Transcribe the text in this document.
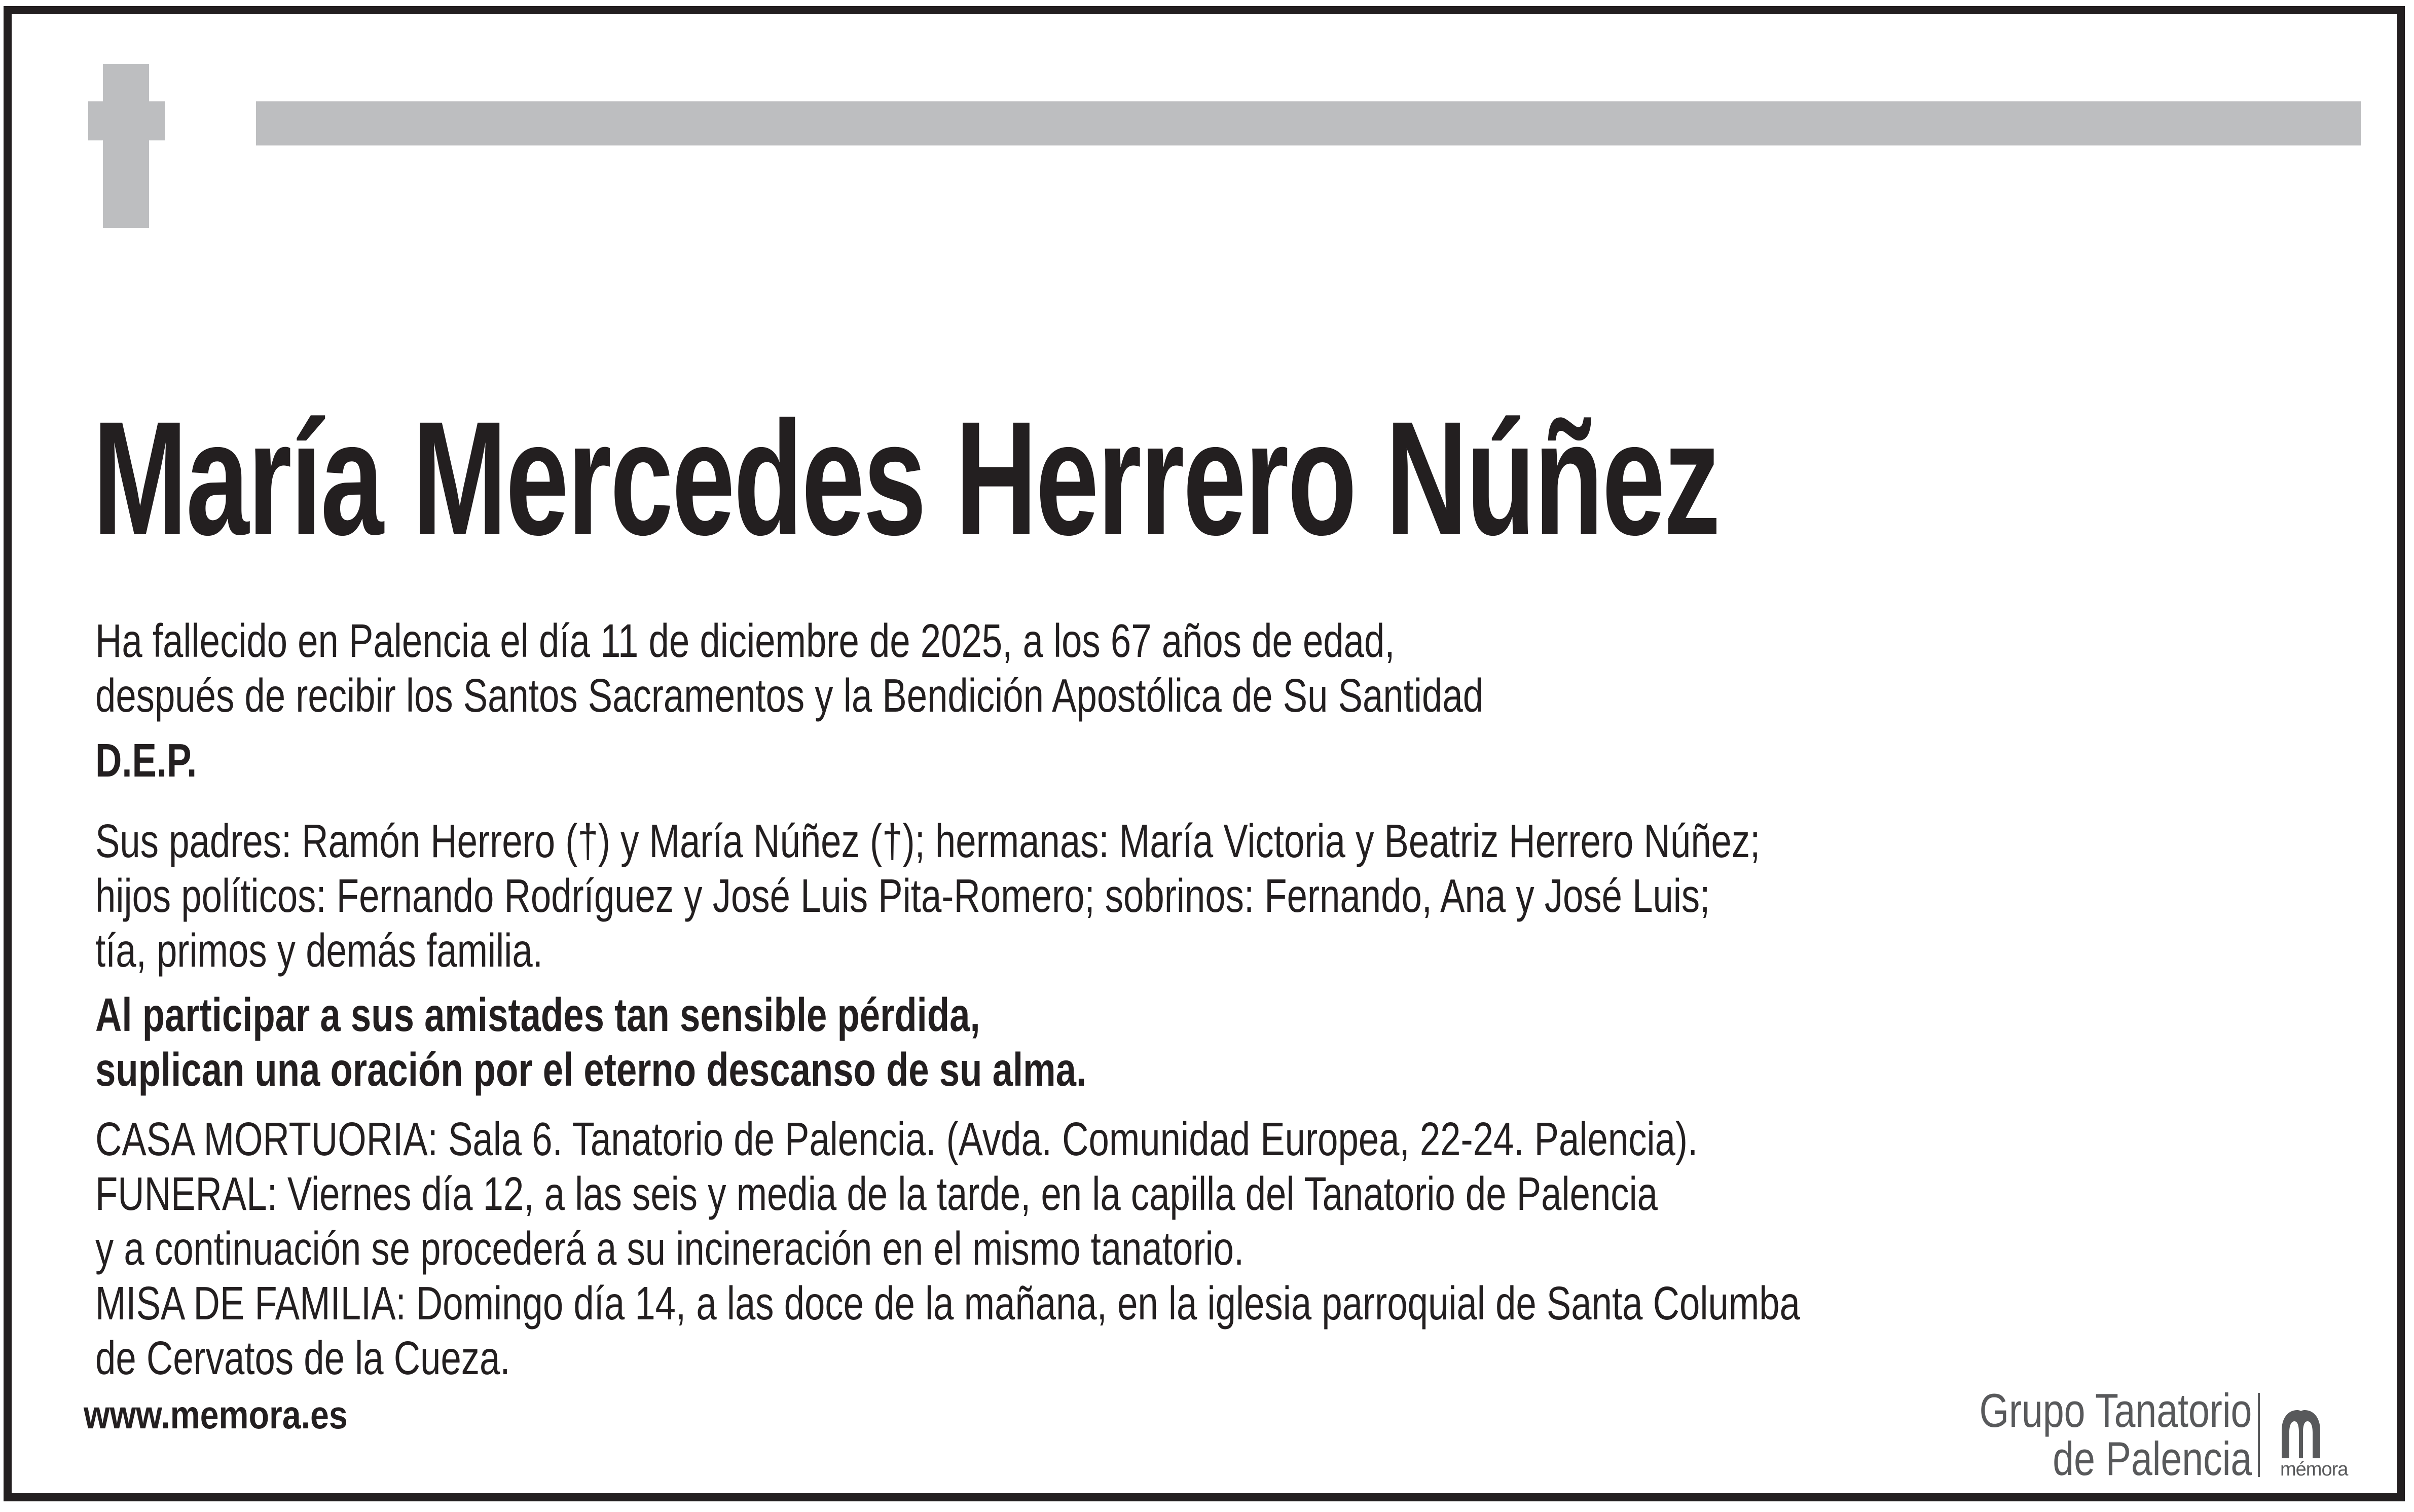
María Mercedes Herrero Núñez
Ha fallecido en Palencia el día 11 de diciembre de 2025, a los 67 años de edad,
después de recibir los Santos Sacramentos y la Bendición Apostólica de Su Santidad
D.E.P.
Sus padres: Ramón Herrero (†) y María Núñez (†); hermanas: María Victoria y Beatriz Herrero Núñez;
hijos políticos: Fernando Rodríguez y José Luis Pita-Romero; sobrinos: Fernando, Ana y José Luis;
tía, primos y demás familia.
Al participar a sus amistades tan sensible pérdida,
suplican una oración por el eterno descanso de su alma.
CASA MORTUORIA: Sala 6. Tanatorio de Palencia. (Avda. Comunidad Europea, 22-24. Palencia).
FUNERAL: Viernes día 12, a las seis y media de la tarde, en la capilla del Tanatorio de Palencia
y a continuación se procederá a su incineración en el mismo tanatorio.
MISA DE FAMILIA: Domingo día 14, a las doce de la mañana, en la iglesia parroquial de Santa Columba
de Cervatos de la Cueza.
www.memora.es	Grupo Tanatorio
de Palencia mémora
